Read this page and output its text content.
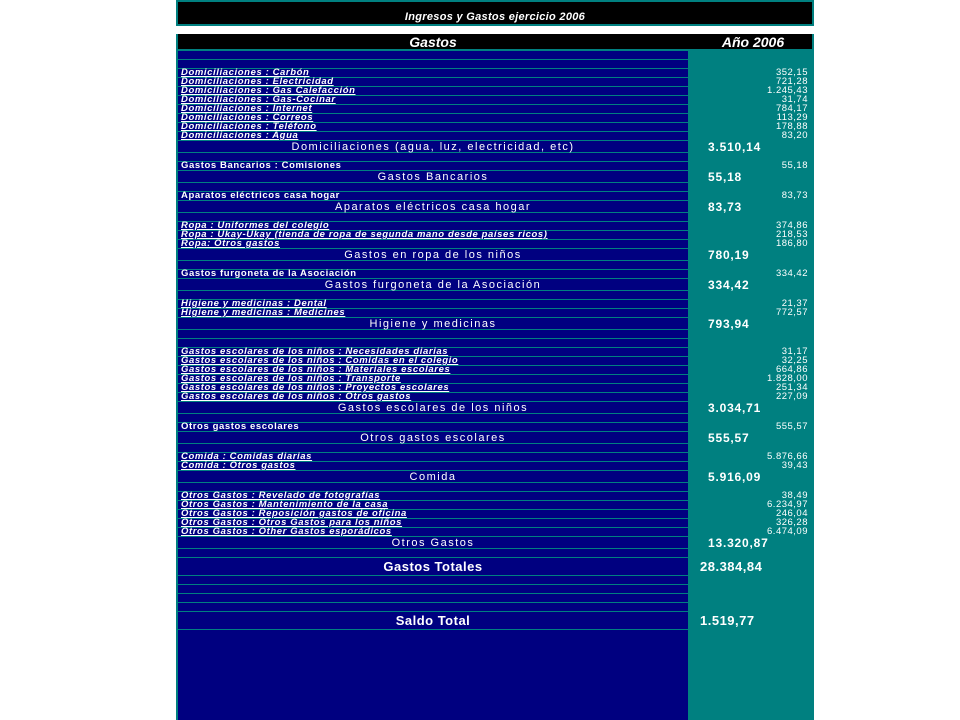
Ingresos y Gastos ejercicio 2006
Gastos	Año 2006
Domiciliaciones : Carbón	352,15
Domiciliaciones : Electricidad	721,28
Domiciliaciones : Gas Calefacción	1.245,43
Domiciliaciones : Gas-Cocinar	31,74
Domiciliaciones : Internet	784,17
Domiciliaciones : Correos	113,29
Domiciliaciones : Teléfono	178,88
Domiciliaciones : Agua	83,20
Domiciliaciones (agua, luz, electricidad, etc)	3.510,14
Gastos Bancarios : Comisiones	55,18
Gastos Bancarios	55,18
Aparatos eléctricos casa hogar	83,73
Aparatos eléctricos casa hogar	83,73
Ropa : Uniformes del colegio	374,86
Ropa : Ukay-Ukay (tienda de ropa de segunda mano desde países ricos)	218,53
Ropa: Otros gastos	186,80
Gastos en ropa de los niños	780,19
Gastos furgoneta de la Asociación	334,42
Gastos furgoneta de la Asociación	334,42
Higiene y medicinas : Dental	21,37
Higiene y medicinas : Medicines	772,57
Higiene y medicinas	793,94
Gastos escolares de los niños : Necesidades diarias	31,17
Gastos escolares de los niños : Comidas en el colegio	32,25
Gastos escolares de los niños : Materiales escolares	664,86
Gastos escolares de los niños : Transporte	1.828,00
Gastos escolares de los niños : Proyectos escolares	251,34
Gastos escolares de los niños : Otros gastos	227,09
Gastos escolares de los niños	3.034,71
Otros gastos escolares	555,57
Otros gastos escolares	555,57
Comida : Comidas diarias	5.876,66
Comida : Otros gastos	39,43
Comida	5.916,09
Otros Gastos : Revelado de fotografías	38,49
Otros Gastos : Mantenimiento de la casa	6.234,97
Otros Gastos : Reposición gastos de oficina	246,04
Otros Gastos : Otros Gastos para los niños	326,28
Otros Gastos : Other Gastos esporádicos	6.474,09
Otros Gastos	13.320,87
Gastos Totales	28.384,84
Saldo Total	1.519,77
